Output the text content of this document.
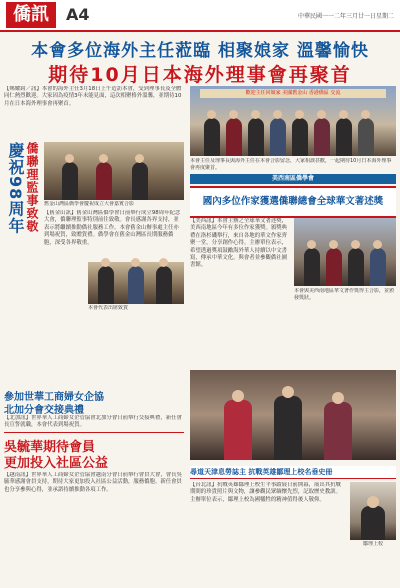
僑訊	A4	中華民國一一二年三月廿一日星期二
本會多位海外主任蒞臨 相聚娘家 溫馨愉快
期待10月日本海外理事會再聚首
【鄭耀鈞／訊】本會的海外主任3月18日上午造訪本會，受到理事長及全體同仁熱烈歡迎。大家因為疫情3年未能見面，這次相聚格外溫馨，並期待10月在日本海外理事會再聚首。
歡迎主任回娘家 美國舊金山 香港僑區 交流
本會主任及理事長與海外主任在本會合影留念，大家相談甚歡，一起期待10月日本海外理事會再度聚首。
慶祝98周年 僑聯理監事致敬	舊金山灣區僑學會慶祝成立大會嘉賓合影
【舊金山訊】舊金山灣區僑學會日前舉行成立98周年紀念大會，僑聯理監事特別前往致敬。會長感謝各界支持，並表示將繼續推動僑社服務工作。本會舊金山辦事處主任亦到場祝賀，致贈賀禮。僑學會在舊金山灣區長期服務僑胞，深受各界敬重。
本會代表出席致賀
美西南區僑學會
國內多位作家獲選僑聯總會全球華文著述獎
【美西訊】本會主辦之全球華文著述獎，美西南地區今年有多位作家獲獎。頒獎典禮在洛杉磯舉行，來自各地的華文作家齊聚一堂，分享創作心得。主辦單位表示，希望透過獎項鼓勵海外華人持續以中文書寫，傳承中華文化。與會者並參觀僑社圖書館。
本會與美西南地區華文著作獎得主合影，並頒發獎狀。
參加世華工商婦女企協
北加分會交接典禮
【北加訊】世界華人工商婦女企管協會北加分會日前舉行交接典禮，新任會長宣誓就職，本會代表到場祝賀。
吳毓華期待會員
更加投入社區公益
【越南訊】世界華人工商婦女企管協會越南分會日前舉行會員大會，會長吳毓華感謝會員支持，期待大家更加投入社區公益活動，服務僑胞。新任會員也分享參與心得，並承諾持續推動各項工作。
尋道天津息勞誌主 抗戰英雄鄒理上校名垂史冊
【台北訊】抗戰英雄鄒理上校生平事蹟展日前開幕，展出其抗戰期間的珍貴照片與文物，讓參觀民眾緬懷先烈，記取歷史教訓。主辦單位表示，鄒理上校為國犧牲的精神值得後人敬仰。
鄒理上校
